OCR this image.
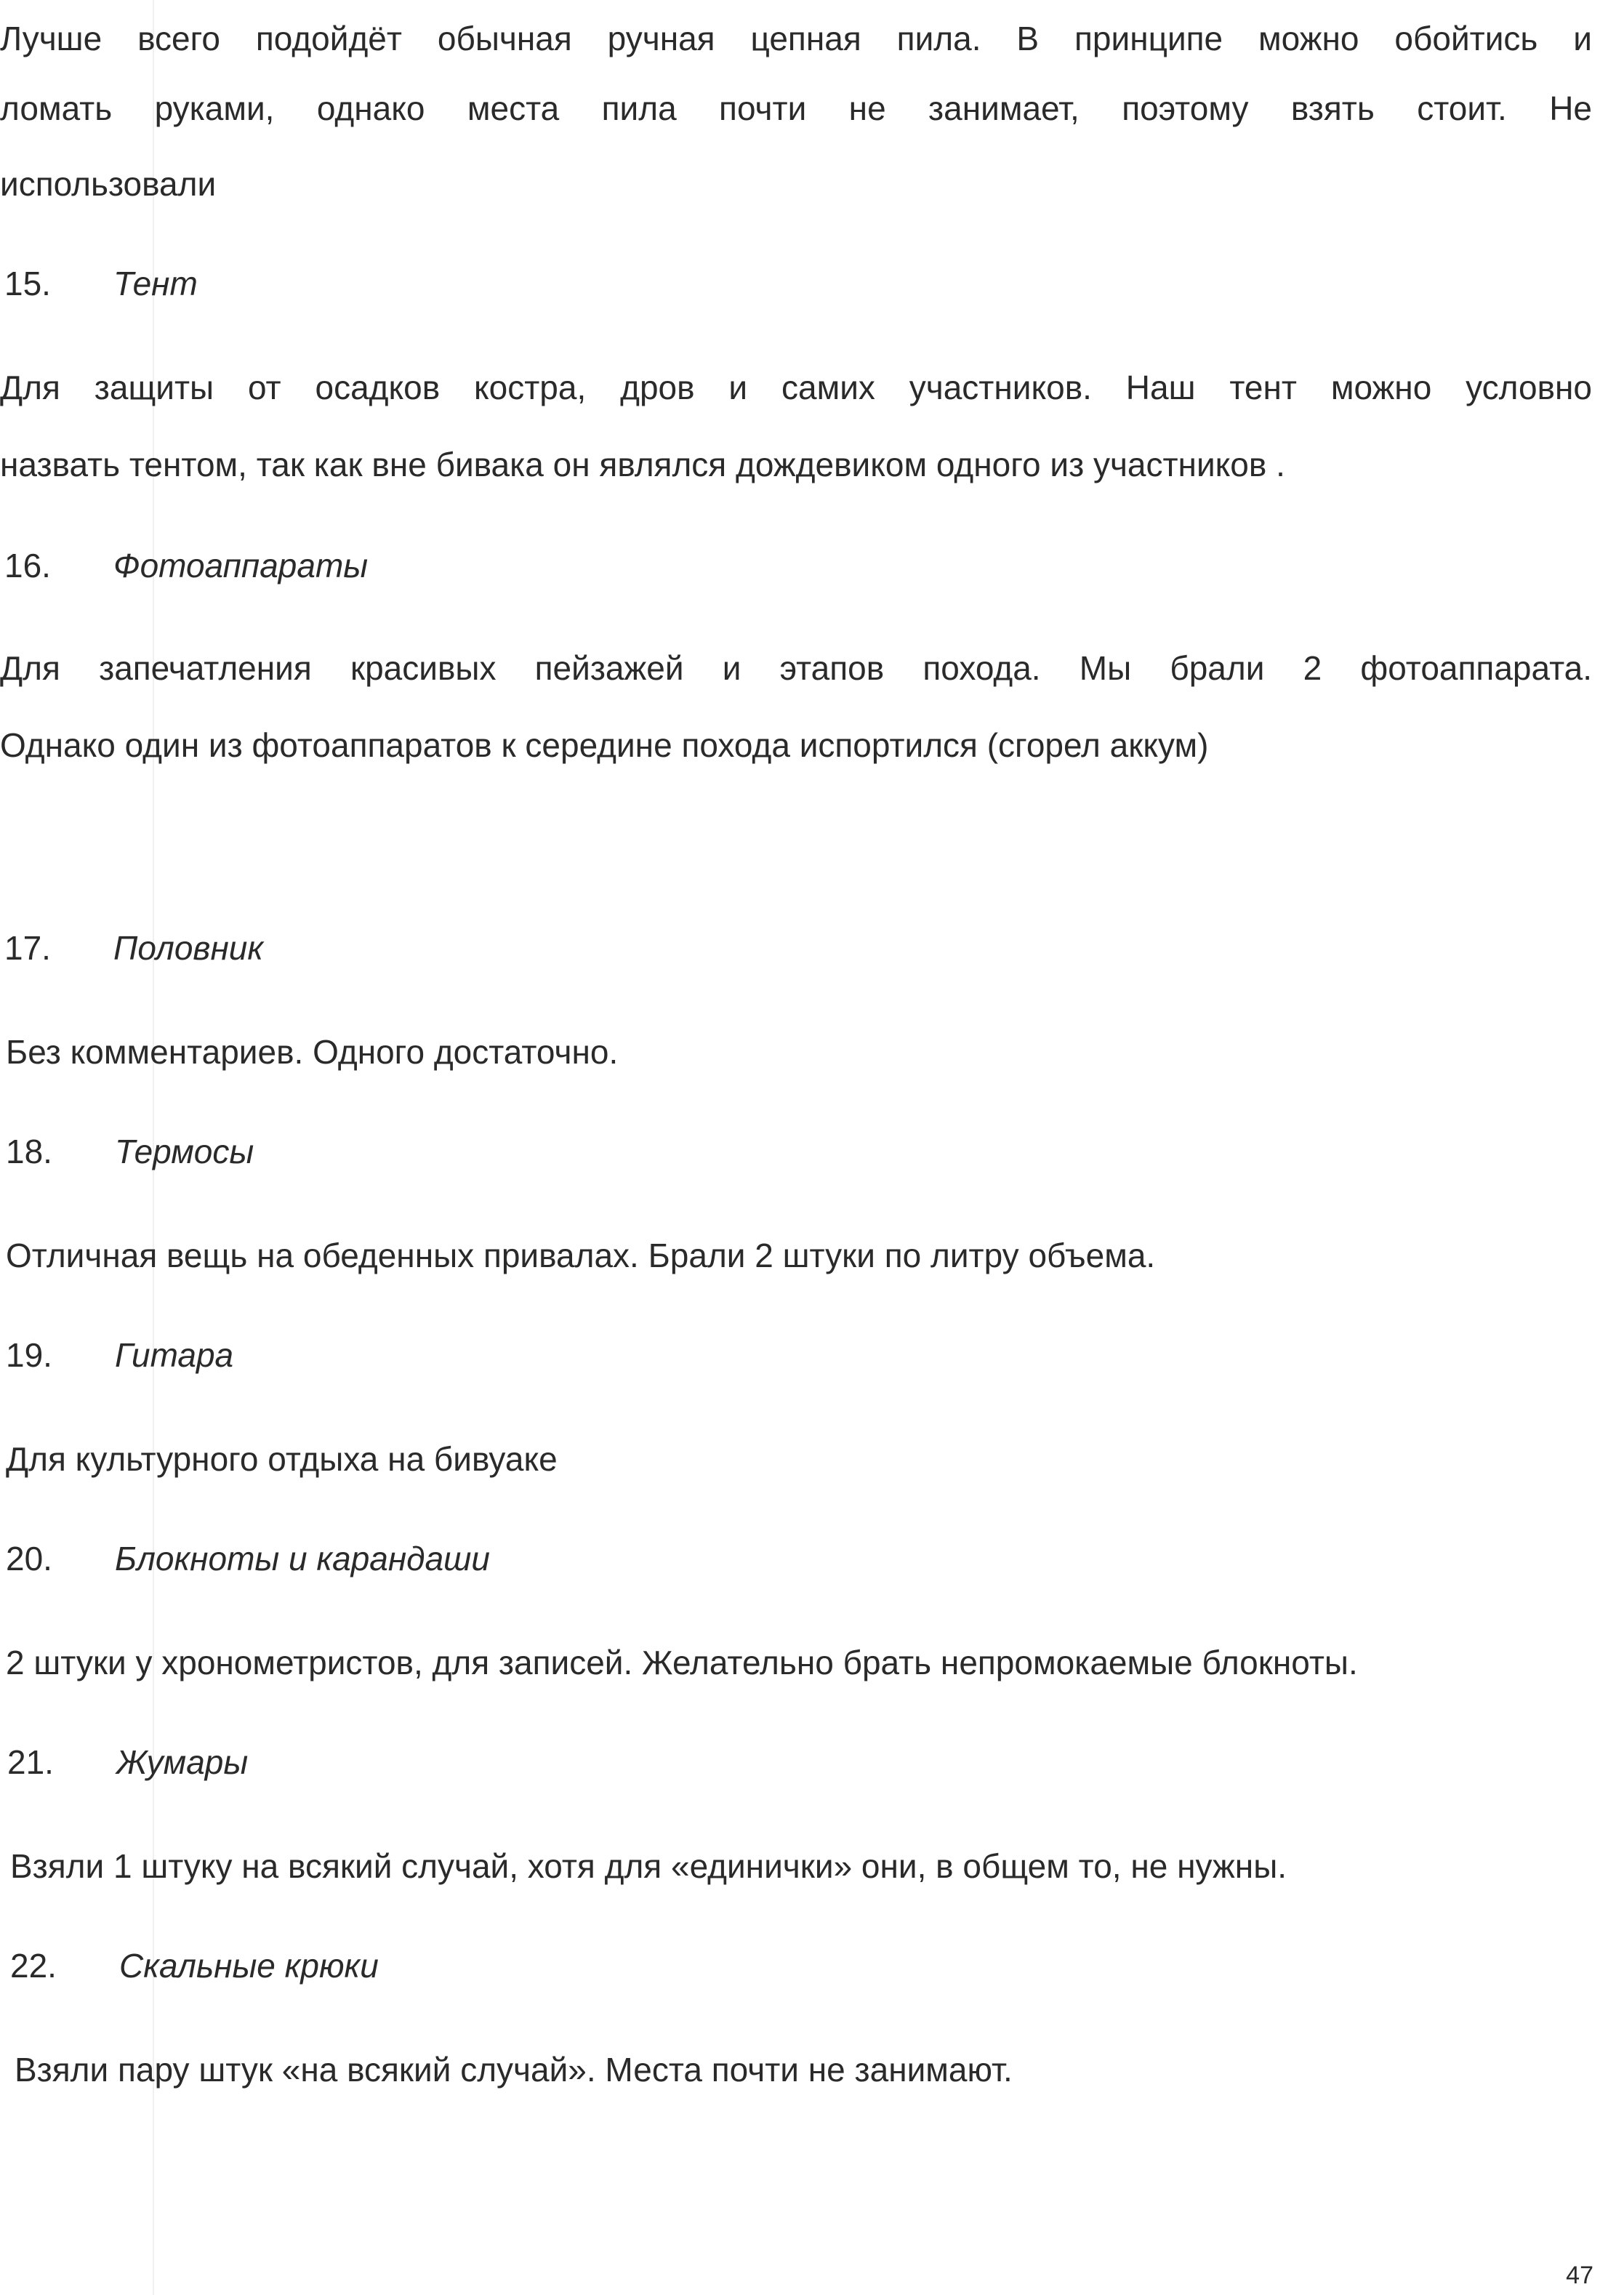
Лучше всего подойдёт обычная ручная цепная пила. В принципе можно обойтись и

ломать руками, однако места пила почти не занимает, поэтому взять стоит. Не

использовали

15. Тент

Для защиты от осадков костра, дров и самих участников. Наш тент можно условно

назвать тентом, так как вне бивака он являлся дождевиком одного из участников .

16. Фотоаппараты

Для запечатления красивых пейзажей и этапов похода. Мы брали 2 фотоаппарата.

Однако один из фотоаппаратов к середине похода испортился (сгорел аккум)

17. Половник

Без комментариев. Одного достаточно.

18. Термосы

Отличная вещь на обеденных привалах. Брали 2 штуки по литру объема.

19. Гитара

Для культурного отдыха на бивуаке

20. Блокноты и карандаши

2 штуки у хронометристов, для записей. Желательно брать непромокаемые блокноты.

21. Жумары

Взяли 1 штуку на всякий случай, хотя для «единички» они, в общем то, не нужны.

22. Скальные крюки

Взяли пару штук «на всякий случай». Места почти не занимают.

47
